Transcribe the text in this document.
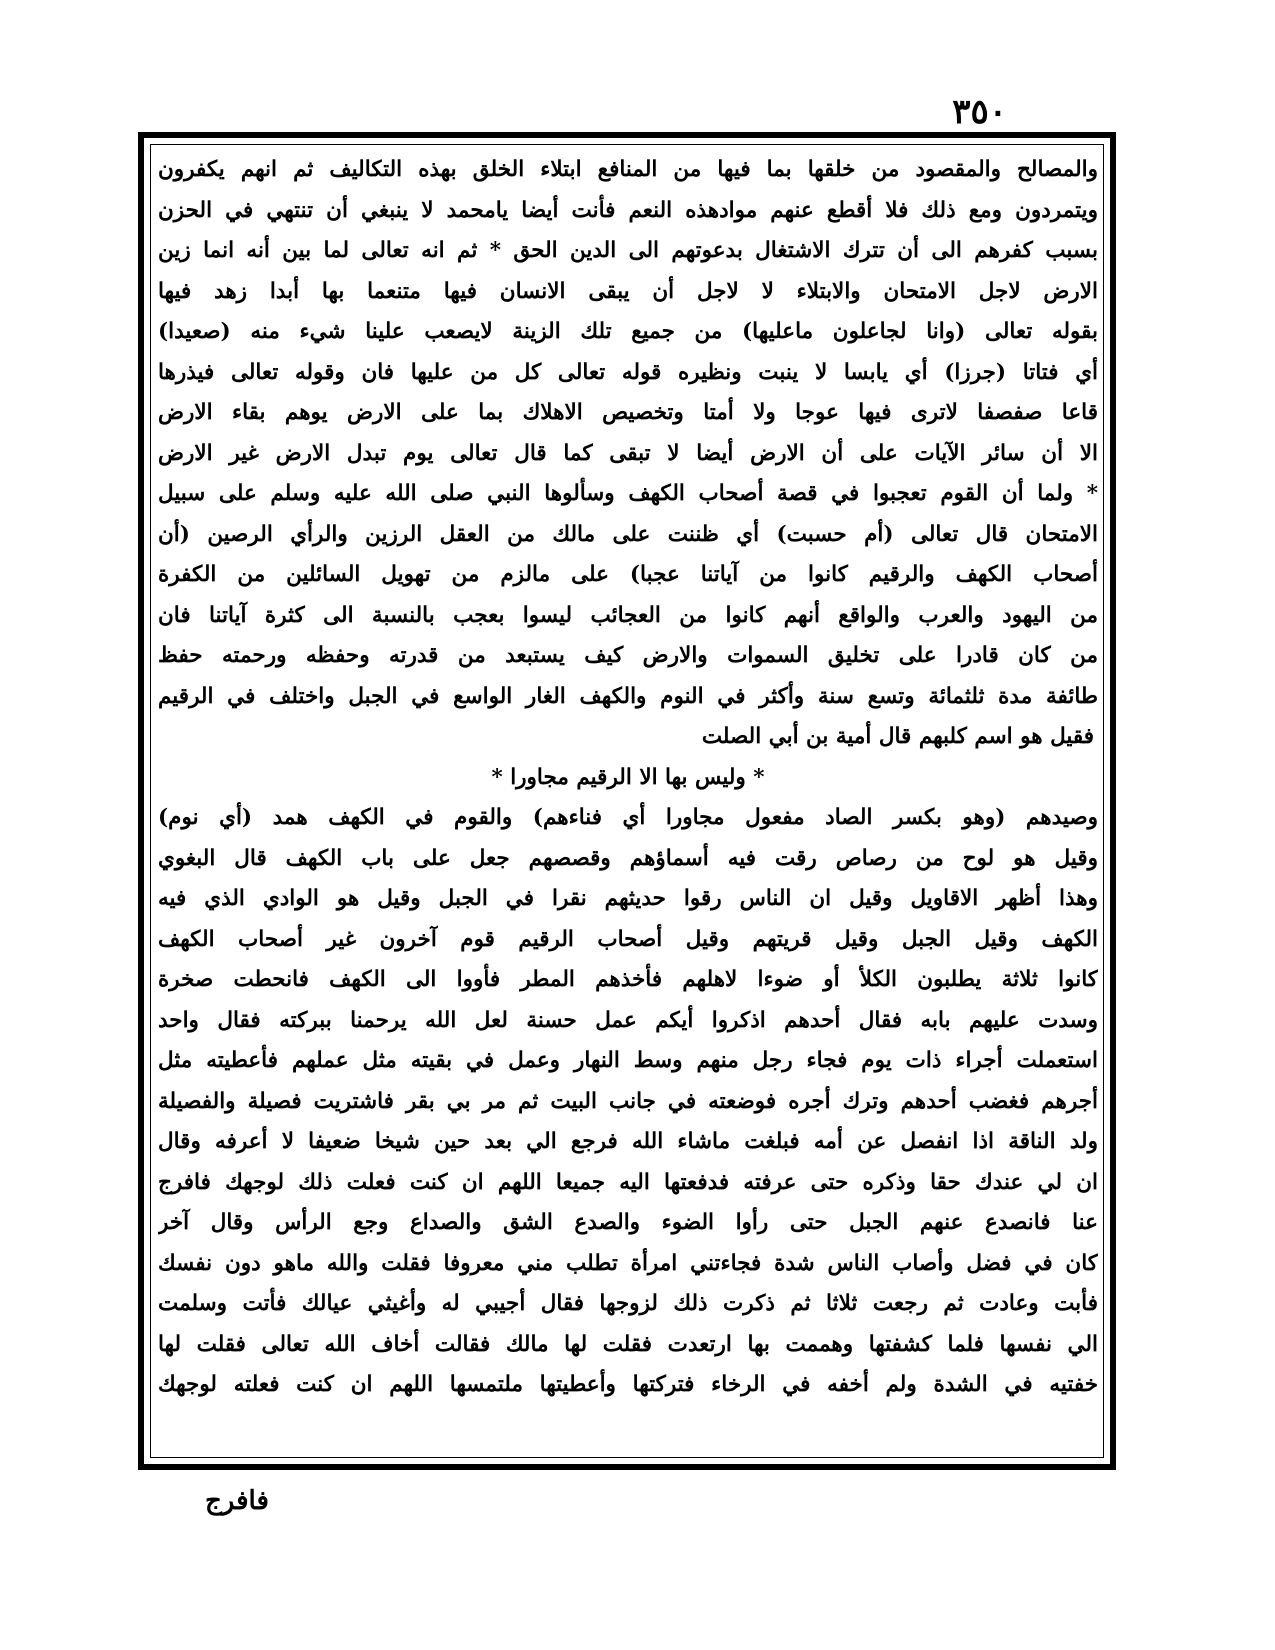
٣٥٠
والمصالح والمقصود من خلقها بما فيها من المنافع ابتلاء الخلق بهذه التكاليف ثم انهم يكفرون
ويتمردون ومع ذلك فلا أقطع عنهم موادهذه النعم فأنت أيضا يامحمد لا ينبغي أن تنتهي في الحزن
بسبب كفرهم الى أن تترك الاشتغال بدعوتهم الى الدين الحق * ثم انه تعالى لما بين أنه انما زين
الارض لاجل الامتحان والابتلاء لا لاجل أن يبقى الانسان فيها متنعما بها أبدا زهد فيها
بقوله تعالى (وانا لجاعلون ماعليها) من جميع تلك الزينة لايصعب علينا شيء منه (صعيدا)
أي فتاتا (جرزا) أي يابسا لا ينبت ونظيره قوله تعالى كل من عليها فان وقوله تعالى فيذرها
قاعا صفصفا لاترى فيها عوجا ولا أمتا وتخصيص الاهلاك بما على الارض يوهم بقاء الارض
الا أن سائر الآيات على أن الارض أيضا لا تبقى كما قال تعالى يوم تبدل الارض غير الارض
* ولما أن القوم تعجبوا في قصة أصحاب الكهف وسألوها النبي صلى الله عليه وسلم على سبيل
الامتحان قال تعالى (أم حسبت) أي ظننت على مالك من العقل الرزين والرأي الرصين (أن
أصحاب الكهف والرقيم كانوا من آياتنا عجبا) على مالزم من تهويل السائلين من الكفرة
من اليهود والعرب والواقع أنهم كانوا من العجائب ليسوا بعجب بالنسبة الى كثرة آياتنا فان
من كان قادرا على تخليق السموات والارض كيف يستبعد من قدرته وحفظه ورحمته حفظ
طائفة مدة ثلثمائة وتسع سنة وأكثر في النوم والكهف الغار الواسع في الجبل واختلف في الرقيم
فقيل هو اسم كلبهم قال أمية بن أبي الصلت
* وليس بها الا الرقيم مجاورا *
وصيدهم (وهو بكسر الصاد مفعول مجاورا أي فناءهم) والقوم في الكهف همد (أي نوم)
وقيل هو لوح من رصاص رقت فيه أسماؤهم وقصصهم جعل على باب الكهف قال البغوي
وهذا أظهر الاقاويل وقيل ان الناس رقوا حديثهم نقرا في الجبل وقيل هو الوادي الذي فيه
الكهف وقيل الجبل وقيل قريتهم وقيل أصحاب الرقيم قوم آخرون غير أصحاب الكهف
كانوا ثلاثة يطلبون الكلأ أو ضوءا لاهلهم فأخذهم المطر فأووا الى الكهف فانحطت صخرة
وسدت عليهم بابه فقال أحدهم اذكروا أيكم عمل حسنة لعل الله يرحمنا ببركته فقال واحد
استعملت أجراء ذات يوم فجاء رجل منهم وسط النهار وعمل في بقيته مثل عملهم فأعطيته مثل
أجرهم فغضب أحدهم وترك أجره فوضعته في جانب البيت ثم مر بي بقر فاشتريت فصيلة والفصيلة
ولد الناقة اذا انفصل عن أمه فبلغت ماشاء الله فرجع الي بعد حين شيخا ضعيفا لا أعرفه وقال
ان لي عندك حقا وذكره حتى عرفته فدفعتها اليه جميعا اللهم ان كنت فعلت ذلك لوجهك فافرج
عنا فانصدع عنهم الجبل حتى رأوا الضوء والصدع الشق والصداع وجع الرأس وقال آخر
كان في فضل وأصاب الناس شدة فجاءتني امرأة تطلب مني معروفا فقلت والله ماهو دون نفسك
فأبت وعادت ثم رجعت ثلاثا ثم ذكرت ذلك لزوجها فقال أجيبي له وأغيثي عيالك فأتت وسلمت
الي نفسها فلما كشفتها وهممت بها ارتعدت فقلت لها مالك فقالت أخاف الله تعالى فقلت لها
خفتيه في الشدة ولم أخفه في الرخاء فتركتها وأعطيتها ملتمسها اللهم ان كنت فعلته لوجهك
فافرج
